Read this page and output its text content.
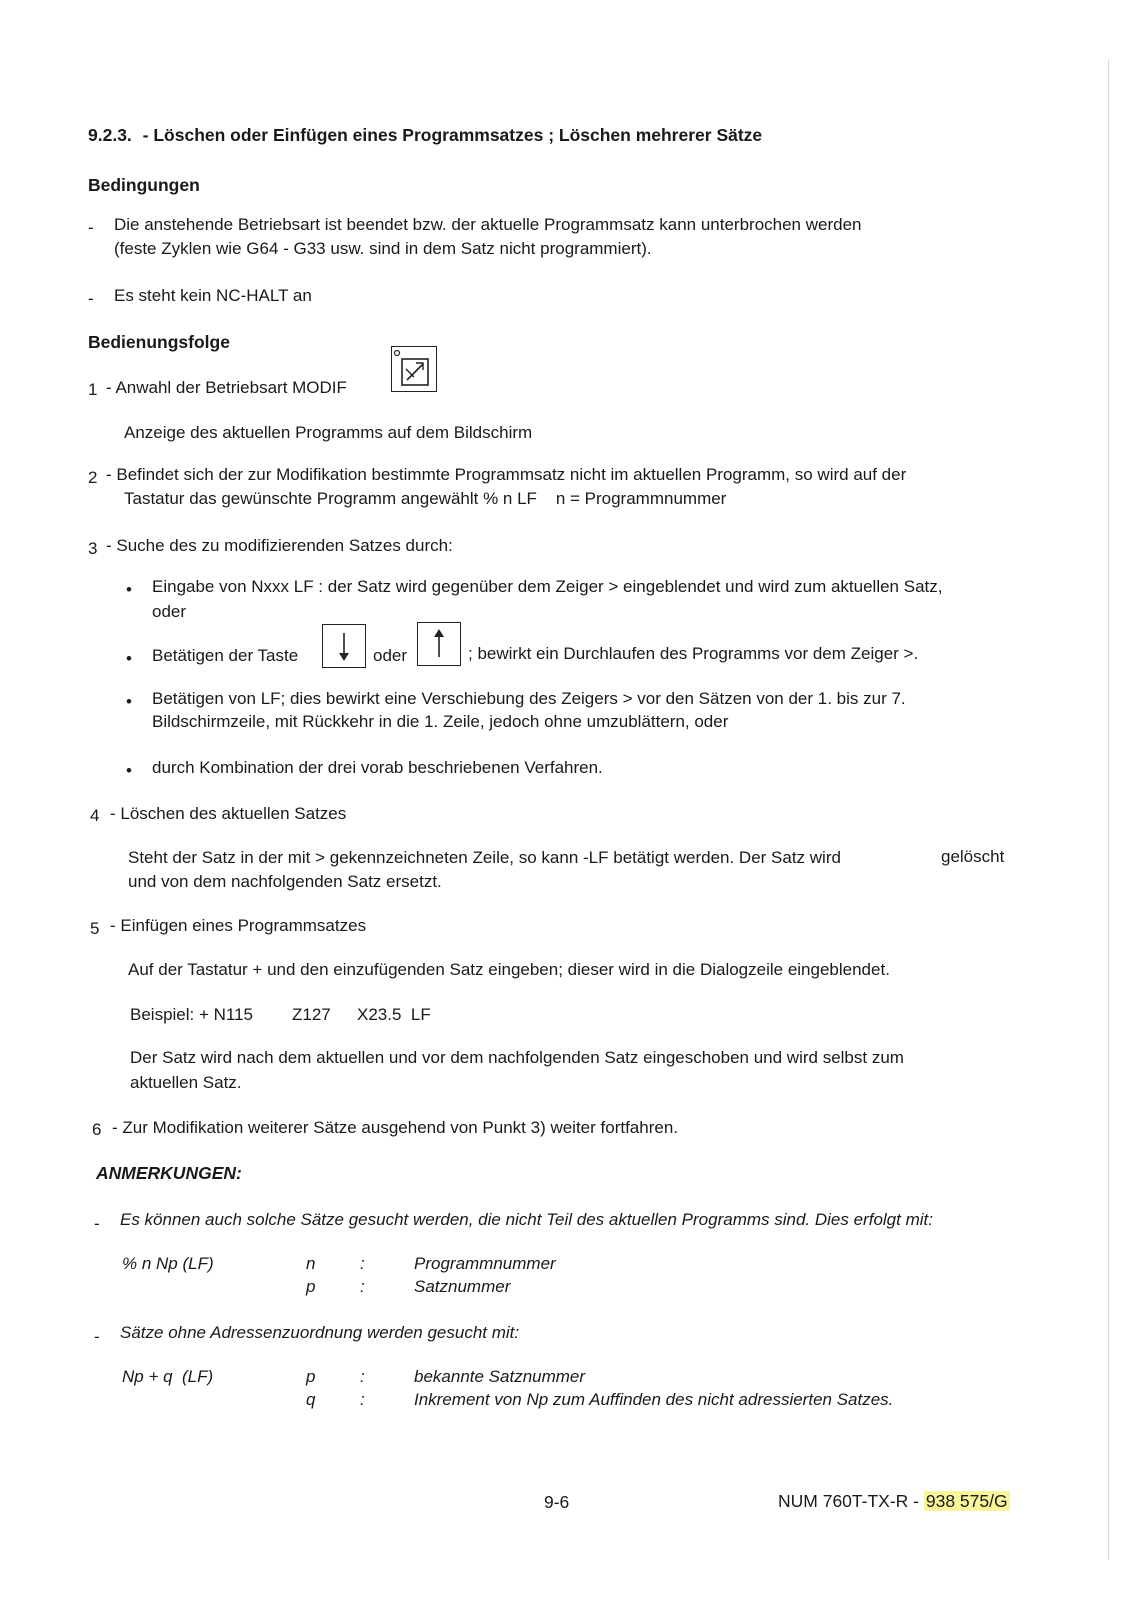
9.2.3. - Löschen oder Einfügen eines Programmsatzes ; Löschen mehrerer Sätze
Bedingungen
- Die anstehende Betriebsart ist beendet bzw. der aktuelle Programmsatz kann unterbrochen werden
(feste Zyklen wie G64 - G33 usw. sind in dem Satz nicht programmiert).
- Es steht kein NC-HALT an
Bedienungsfolge
1 - Anwahl der Betriebsart MODIF
Anzeige des aktuellen Programms auf dem Bildschirm
2 - Befindet sich der zur Modifikation bestimmte Programmsatz nicht im aktuellen Programm, so wird auf der
Tastatur das gewünschte Programm angewählt % n LF    n = Programmnummer
3 - Suche des zu modifizierenden Satzes durch:
• Eingabe von Nxxx LF : der Satz wird gegenüber dem Zeiger > eingeblendet und wird zum aktuellen Satz,
oder
• Betätigen der Taste	oder	; bewirkt ein Durchlaufen des Programms vor dem Zeiger >.
• Betätigen von LF; dies bewirkt eine Verschiebung des Zeigers > vor den Sätzen von der 1. bis zur 7.
Bildschirmzeile, mit Rückkehr in die 1. Zeile, jedoch ohne umzublättern, oder
• durch Kombination der drei vorab beschriebenen Verfahren.
4 - Löschen des aktuellen Satzes
Steht der Satz in der mit > gekennzeichneten Zeile, so kann -LF betätigt werden. Der Satz wird	gelöscht
und von dem nachfolgenden Satz ersetzt.
5 - Einfügen eines Programmsatzes
Auf der Tastatur + und den einzufügenden Satz eingeben; dieser wird in die Dialogzeile eingeblendet.
Beispiel: + N115 Z127 X23.5  LF
Der Satz wird nach dem aktuellen und vor dem nachfolgenden Satz eingeschoben und wird selbst zum
aktuellen Satz.
6 - Zur Modifikation weiterer Sätze ausgehend von Punkt 3) weiter fortfahren.
ANMERKUNGEN:
- Es können auch solche Sätze gesucht werden, die nicht Teil des aktuellen Programms sind. Dies erfolgt mit:
% n Np (LF)	n	:	Programmnummer
p	:	Satznummer
- Sätze ohne Adressenzuordnung werden gesucht mit:
Np + q  (LF)	p	:	bekannte Satznummer
q	:	Inkrement von Np zum Auffinden des nicht adressierten Satzes.
9-6	NUM 760T-TX-R - 938 575/G
